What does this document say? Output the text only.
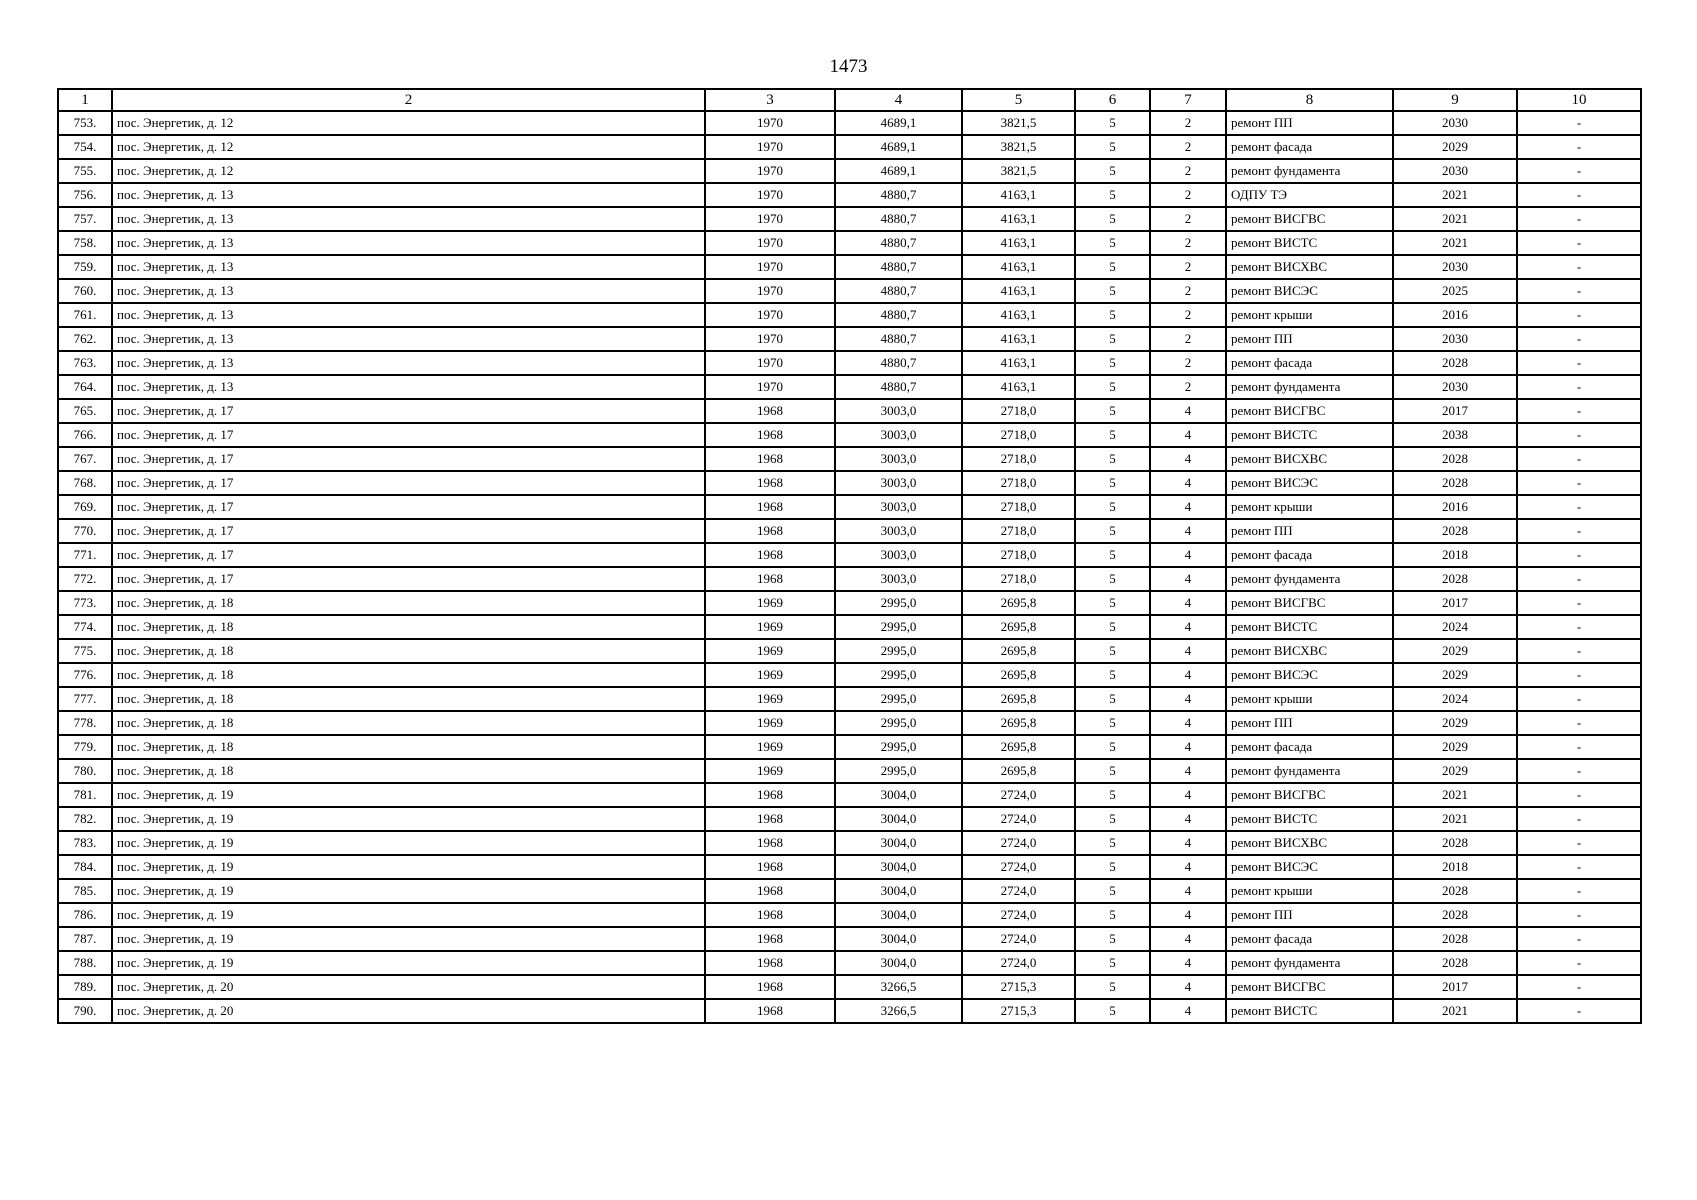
1473
1	2	3	4	5	6	7	8	9	10
753.	пос. Энергетик, д. 12	1970	4689,1	3821,5	5	2	ремонт ПП	2030	-
754.	пос. Энергетик, д. 12	1970	4689,1	3821,5	5	2	ремонт фасада	2029	-
755.	пос. Энергетик, д. 12	1970	4689,1	3821,5	5	2	ремонт фундамента	2030	-
756.	пос. Энергетик, д. 13	1970	4880,7	4163,1	5	2	ОДПУ ТЭ	2021	-
757.	пос. Энергетик, д. 13	1970	4880,7	4163,1	5	2	ремонт ВИСГВС	2021	-
758.	пос. Энергетик, д. 13	1970	4880,7	4163,1	5	2	ремонт ВИСТС	2021	-
759.	пос. Энергетик, д. 13	1970	4880,7	4163,1	5	2	ремонт ВИСХВС	2030	-
760.	пос. Энергетик, д. 13	1970	4880,7	4163,1	5	2	ремонт ВИСЭС	2025	-
761.	пос. Энергетик, д. 13	1970	4880,7	4163,1	5	2	ремонт крыши	2016	-
762.	пос. Энергетик, д. 13	1970	4880,7	4163,1	5	2	ремонт ПП	2030	-
763.	пос. Энергетик, д. 13	1970	4880,7	4163,1	5	2	ремонт фасада	2028	-
764.	пос. Энергетик, д. 13	1970	4880,7	4163,1	5	2	ремонт фундамента	2030	-
765.	пос. Энергетик, д. 17	1968	3003,0	2718,0	5	4	ремонт ВИСГВС	2017	-
766.	пос. Энергетик, д. 17	1968	3003,0	2718,0	5	4	ремонт ВИСТС	2038	-
767.	пос. Энергетик, д. 17	1968	3003,0	2718,0	5	4	ремонт ВИСХВС	2028	-
768.	пос. Энергетик, д. 17	1968	3003,0	2718,0	5	4	ремонт ВИСЭС	2028	-
769.	пос. Энергетик, д. 17	1968	3003,0	2718,0	5	4	ремонт крыши	2016	-
770.	пос. Энергетик, д. 17	1968	3003,0	2718,0	5	4	ремонт ПП	2028	-
771.	пос. Энергетик, д. 17	1968	3003,0	2718,0	5	4	ремонт фасада	2018	-
772.	пос. Энергетик, д. 17	1968	3003,0	2718,0	5	4	ремонт фундамента	2028	-
773.	пос. Энергетик, д. 18	1969	2995,0	2695,8	5	4	ремонт ВИСГВС	2017	-
774.	пос. Энергетик, д. 18	1969	2995,0	2695,8	5	4	ремонт ВИСТС	2024	-
775.	пос. Энергетик, д. 18	1969	2995,0	2695,8	5	4	ремонт ВИСХВС	2029	-
776.	пос. Энергетик, д. 18	1969	2995,0	2695,8	5	4	ремонт ВИСЭС	2029	-
777.	пос. Энергетик, д. 18	1969	2995,0	2695,8	5	4	ремонт крыши	2024	-
778.	пос. Энергетик, д. 18	1969	2995,0	2695,8	5	4	ремонт ПП	2029	-
779.	пос. Энергетик, д. 18	1969	2995,0	2695,8	5	4	ремонт фасада	2029	-
780.	пос. Энергетик, д. 18	1969	2995,0	2695,8	5	4	ремонт фундамента	2029	-
781.	пос. Энергетик, д. 19	1968	3004,0	2724,0	5	4	ремонт ВИСГВС	2021	-
782.	пос. Энергетик, д. 19	1968	3004,0	2724,0	5	4	ремонт ВИСТС	2021	-
783.	пос. Энергетик, д. 19	1968	3004,0	2724,0	5	4	ремонт ВИСХВС	2028	-
784.	пос. Энергетик, д. 19	1968	3004,0	2724,0	5	4	ремонт ВИСЭС	2018	-
785.	пос. Энергетик, д. 19	1968	3004,0	2724,0	5	4	ремонт крыши	2028	-
786.	пос. Энергетик, д. 19	1968	3004,0	2724,0	5	4	ремонт ПП	2028	-
787.	пос. Энергетик, д. 19	1968	3004,0	2724,0	5	4	ремонт фасада	2028	-
788.	пос. Энергетик, д. 19	1968	3004,0	2724,0	5	4	ремонт фундамента	2028	-
789.	пос. Энергетик, д. 20	1968	3266,5	2715,3	5	4	ремонт ВИСГВС	2017	-
790.	пос. Энергетик, д. 20	1968	3266,5	2715,3	5	4	ремонт ВИСТС	2021	-
